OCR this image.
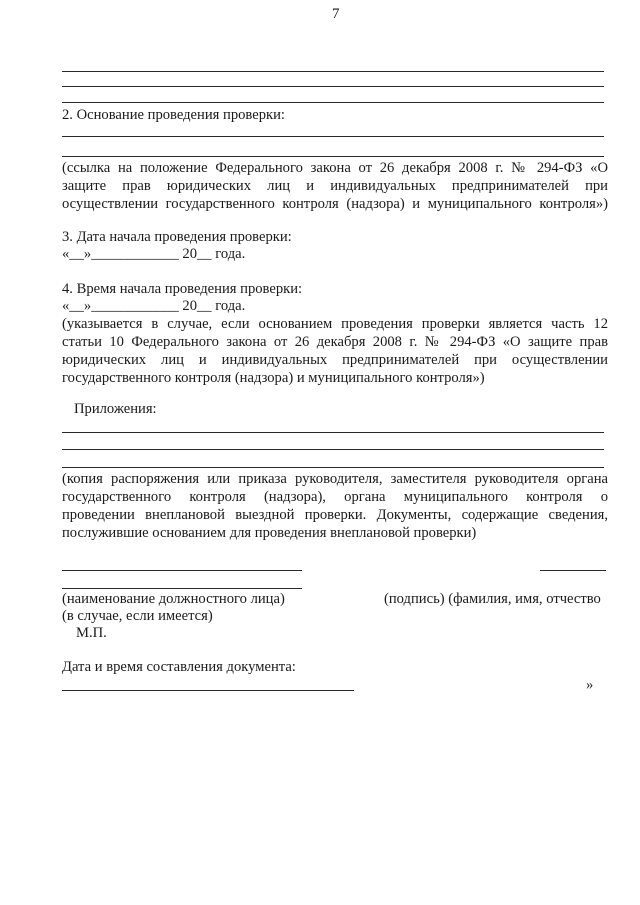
7
2. Основание проведения проверки:
(ссылка на положение Федерального закона от 26 декабря 2008 г. № 294-ФЗ «О
защите прав юридических лиц и индивидуальных предпринимателей при
осуществлении государственного контроля (надзора) и муниципального контроля»)
3. Дата начала проведения проверки:
«__»____________ 20__ года.
4. Время начала проведения проверки:
«__»____________ 20__ года.
(указывается в случае, если основанием проведения проверки является часть 12
статьи 10 Федерального закона от 26 декабря 2008 г. № 294-ФЗ «О защите прав
юридических лиц и индивидуальных предпринимателей при осуществлении
государственного контроля (надзора) и муниципального контроля»)
Приложения:
(копия распоряжения или приказа руководителя, заместителя руководителя органа
государственного контроля (надзора), органа муниципального контроля о
проведении внеплановой выездной проверки. Документы, содержащие сведения,
послужившие основанием для проведения внеплановой проверки)
(наименование должностного лица)	(подпись) (фамилия, имя, отчество
(в случае, если имеется)
М.П.
Дата и время составления документа:
»
